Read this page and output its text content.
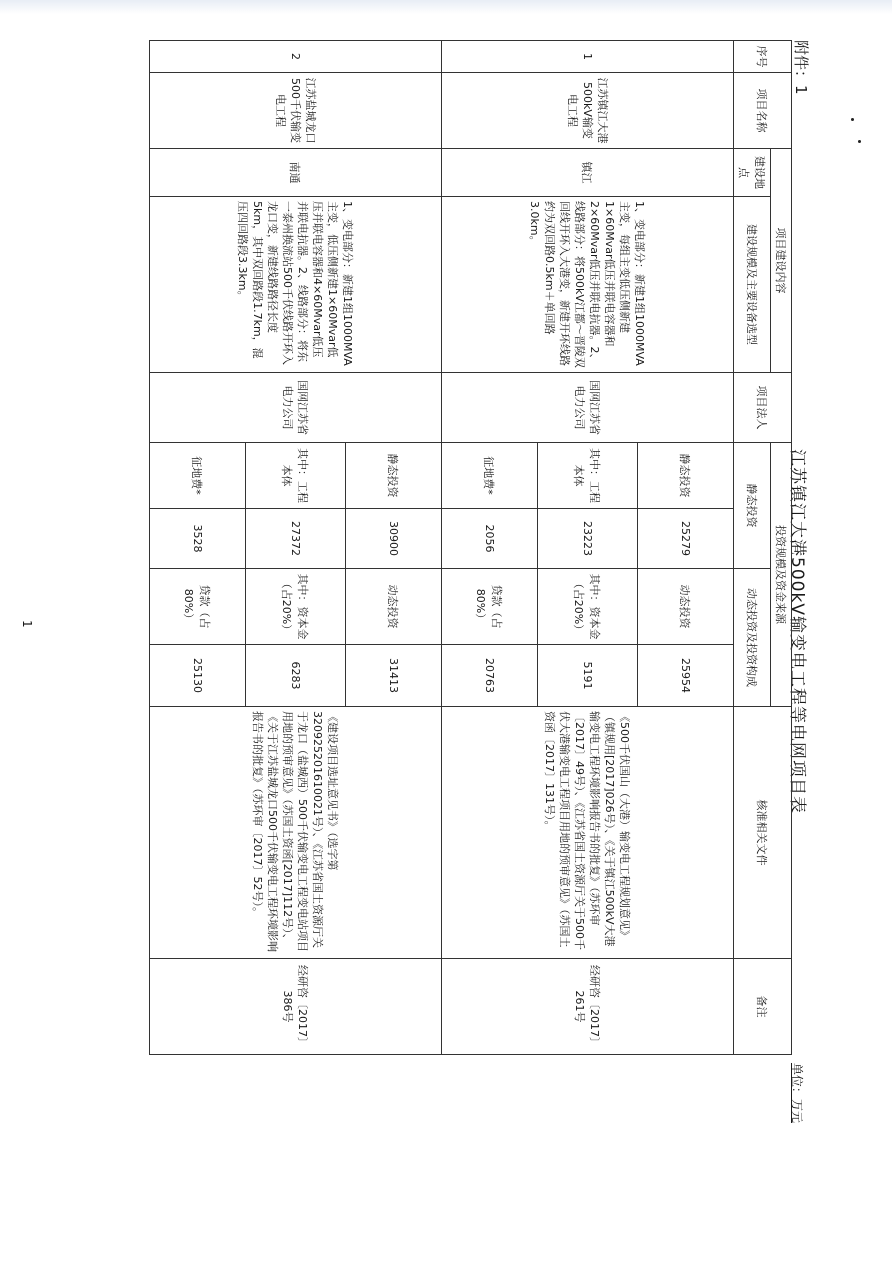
附件：1
江苏镇江大港500kV输变电工程等电网项目表
单位：万元
序号	项目名称	项目建设内容		项目法人	投资规模及资金来源				核准相关文件	备注
		建设地点	建设规模及主要设备选型		静态投资		动态投资及投资构成			
1	江苏镇江大港500kV输变电工程	镇江	1、变电部分：新建1组1000MVA主变，每组主变低压侧新建1×60Mvar低压并联电容器和2×60Mvar低压并联电抗器。2、线路部分：将500kV江都～晋陵双回线开环入大港变，新建开环线路约为双回路0.5km＋单回路3.0km。	国网江苏省电力公司	静态投资	25279	动态投资	25954	《500千伏国山（大港）输变电工程规划意见》（镇规用[2017]026号）、《关于镇江500kV大港输变电工程环境影响报告书的批复》（苏环审〔2017〕49号）、《江苏省国土资源厅关于500千伏大港输变电工程项目用地的预审意见》（苏国土资函〔2017〕131号）。	经研咨〔2017〕261号
					其中：工程本体	23223	其中：资本金（占20%）	5191		
					征地费*	2056	贷款（占80%）	20763		
2	江苏盐城龙口500千伏输变电工程	南通	1、变电部分：新建1组1000MVA主变，低压侧新建1×60Mvar低压并联电容器和4×60Mvar低压并联电抗器。2、线路部分：将东一泰州换流站500千伏线路开环入龙口变，新建线路路径长度5km，其中双回路段1.7km，混压四回路段3.3km。	国网江苏省电力公司	静态投资	30900	动态投资	31413	《建设项目选址意见书》（选字第320925201610021号）、《江苏省国土资源厅关于龙口（盐城西）500千伏输变电工程变电站项目用地的预审意见》（苏国土资函[2017]112号）、《关于江苏盐城龙口500千伏输变电工程环境影响报告书的批复》（苏环审〔2017〕52号）。	经研咨〔2017〕386号
					其中：工程本体	27372	其中：资本金（占20%）	6283		
					征地费*	3528	贷款（占80%）	25130		
1
